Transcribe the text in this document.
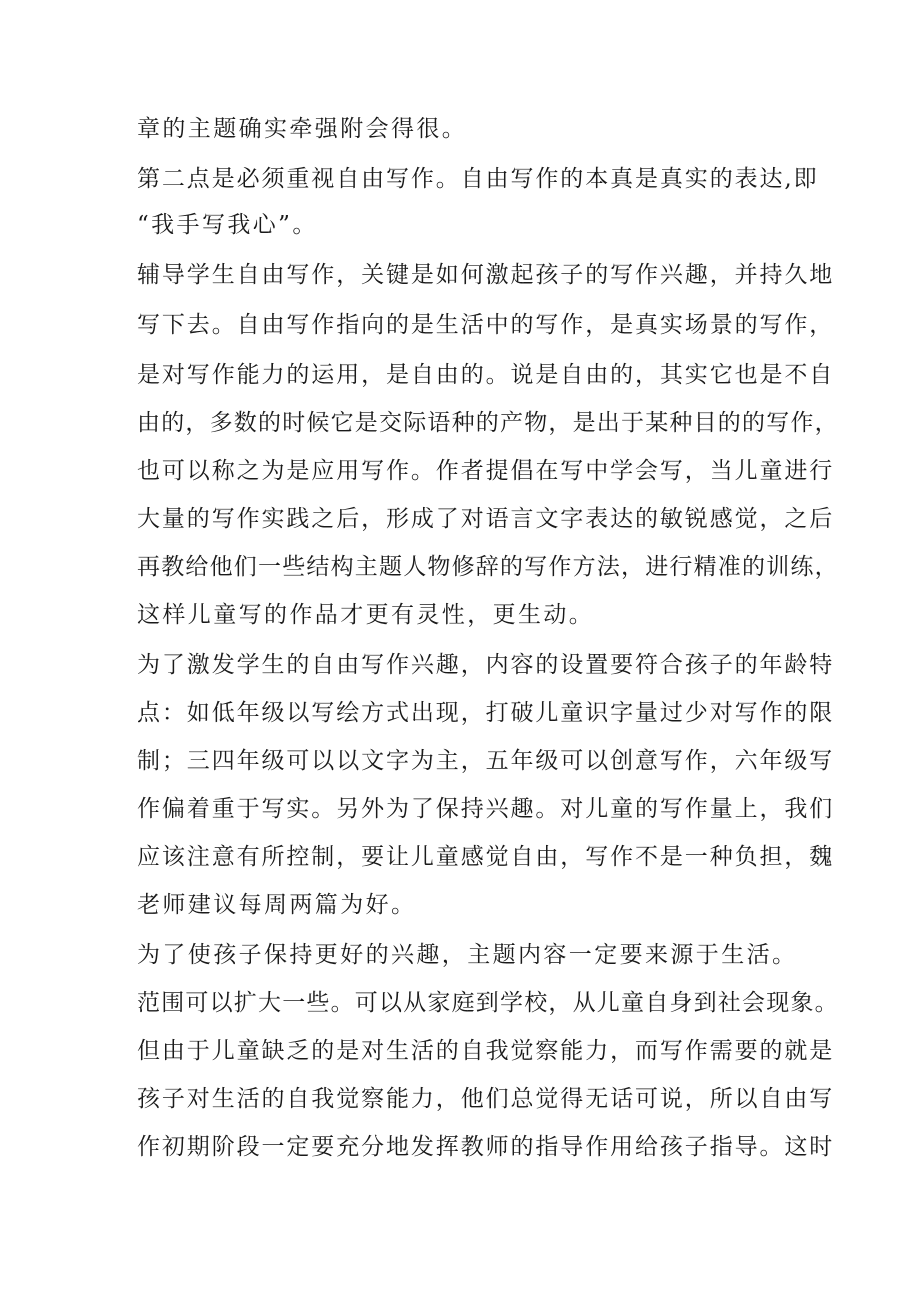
章的主题确实牵强附会得很。
第二点是必须重视自由写作。自由写作的本真是真实的表达,即
“我手写我心”。
辅导学生自由写作，关键是如何激起孩子的写作兴趣，并持久地
写下去。自由写作指向的是生活中的写作，是真实场景的写作，
是对写作能力的运用，是自由的。说是自由的，其实它也是不自
由的，多数的时候它是交际语种的产物，是出于某种目的的写作，
也可以称之为是应用写作。作者提倡在写中学会写，当儿童进行
大量的写作实践之后，形成了对语言文字表达的敏锐感觉，之后
再教给他们一些结构主题人物修辞的写作方法，进行精准的训练，
这样儿童写的作品才更有灵性，更生动。
为了激发学生的自由写作兴趣，内容的设置要符合孩子的年龄特
点：如低年级以写绘方式出现，打破儿童识字量过少对写作的限
制；三四年级可以以文字为主，五年级可以创意写作，六年级写
作偏着重于写实。另外为了保持兴趣。对儿童的写作量上，我们
应该注意有所控制，要让儿童感觉自由，写作不是一种负担，魏
老师建议每周两篇为好。
为了使孩子保持更好的兴趣，主题内容一定要来源于生活。
范围可以扩大一些。可以从家庭到学校，从儿童自身到社会现象。
但由于儿童缺乏的是对生活的自我觉察能力，而写作需要的就是
孩子对生活的自我觉察能力，他们总觉得无话可说，所以自由写
作初期阶段一定要充分地发挥教师的指导作用给孩子指导。这时
